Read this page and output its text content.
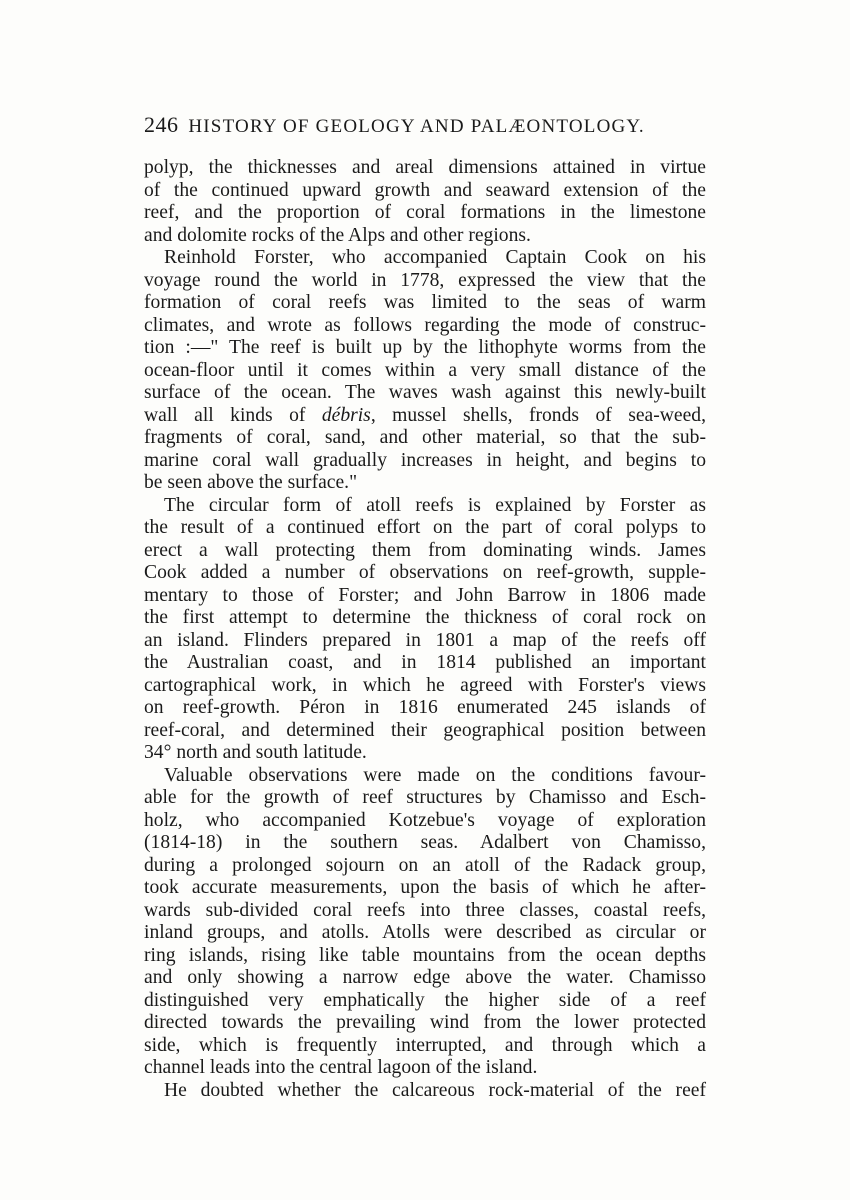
246 HISTORY OF GEOLOGY AND PALÆONTOLOGY.
polyp, the thicknesses and areal dimensions attained in virtue
of the continued upward growth and seaward extension of the
reef, and the proportion of coral formations in the limestone
and dolomite rocks of the Alps and other regions.
Reinhold Forster, who accompanied Captain Cook on his
voyage round the world in 1778, expressed the view that the
formation of coral reefs was limited to the seas of warm
climates, and wrote as follows regarding the mode of construc-
tion :—" The reef is built up by the lithophyte worms from the
ocean-floor until it comes within a very small distance of the
surface of the ocean. The waves wash against this newly-built
wall all kinds of débris, mussel shells, fronds of sea-weed,
fragments of coral, sand, and other material, so that the sub-
marine coral wall gradually increases in height, and begins to
be seen above the surface."
The circular form of atoll reefs is explained by Forster as
the result of a continued effort on the part of coral polyps to
erect a wall protecting them from dominating winds. James
Cook added a number of observations on reef-growth, supple-
mentary to those of Forster; and John Barrow in 1806 made
the first attempt to determine the thickness of coral rock on
an island. Flinders prepared in 1801 a map of the reefs off
the Australian coast, and in 1814 published an important
cartographical work, in which he agreed with Forster's views
on reef-growth. Péron in 1816 enumerated 245 islands of
reef-coral, and determined their geographical position between
34° north and south latitude.
Valuable observations were made on the conditions favour-
able for the growth of reef structures by Chamisso and Esch-
holz, who accompanied Kotzebue's voyage of exploration
(1814-18) in the southern seas. Adalbert von Chamisso,
during a prolonged sojourn on an atoll of the Radack group,
took accurate measurements, upon the basis of which he after-
wards sub-divided coral reefs into three classes, coastal reefs,
inland groups, and atolls. Atolls were described as circular or
ring islands, rising like table mountains from the ocean depths
and only showing a narrow edge above the water. Chamisso
distinguished very emphatically the higher side of a reef
directed towards the prevailing wind from the lower protected
side, which is frequently interrupted, and through which a
channel leads into the central lagoon of the island.
He doubted whether the calcareous rock-material of the reef
